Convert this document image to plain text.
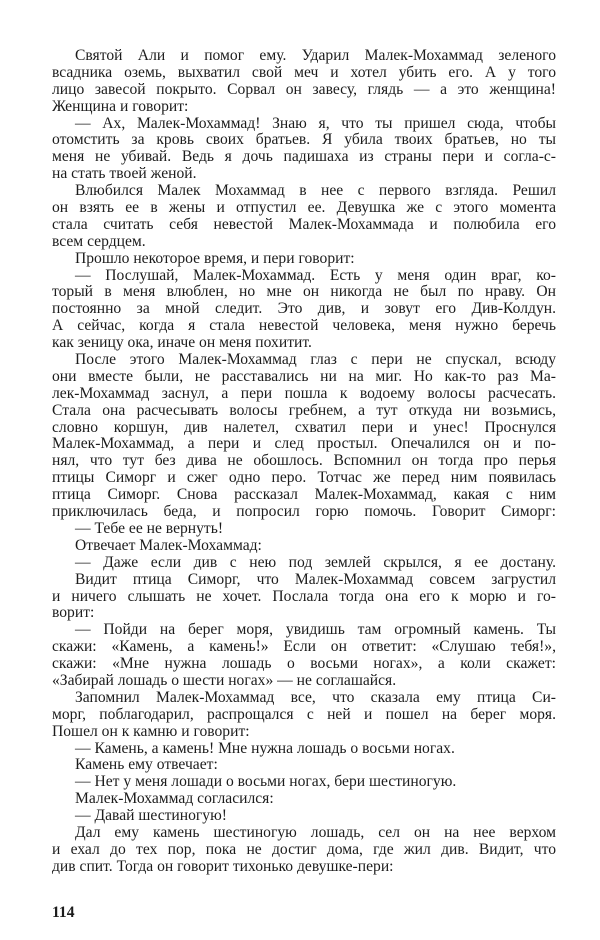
Святой Али и помог ему. Ударил Малек-Мохаммад зеленого
всадника оземь, выхватил свой меч и хотел убить его. А у того
лицо завесой покрыто. Сорвал он завесу, глядь — а это женщина!
Женщина и говорит:
— Ах, Малек-Мохаммад! Знаю я, что ты пришел сюда, чтобы
отомстить за кровь своих братьев. Я убила твоих братьев, но ты
меня не убивай. Ведь я дочь падишаха из страны пери и согла-с-
на стать твоей женой.
Влюбился Малек Мохаммад в нее с первого взгляда. Решил
он взять ее в жены и отпустил ее. Девушка же с этого момента
стала считать себя невестой Малек-Мохаммада и полюбила его
всем сердцем.
Прошло некоторое время, и пери говорит:
— Послушай, Малек-Мохаммад. Есть у меня один враг, ко-
торый в меня влюблен, но мне он никогда не был по нраву. Он
постоянно за мной следит. Это див, и зовут его Див-Колдун.
А сейчас, когда я стала невестой человека, меня нужно беречь
как зеницу ока, иначе он меня похитит.
После этого Малек-Мохаммад глаз с пери не спускал, всюду
они вместе были, не расставались ни на миг. Но как-то раз Ма-
лек-Мохаммад заснул, а пери пошла к водоему волосы расчесать.
Стала она расчесывать волосы гребнем, а тут откуда ни возьмись,
словно коршун, див налетел, схватил пери и унес! Проснулся
Малек-Мохаммад, а пери и след простыл. Опечалился он и по-
нял, что тут без дива не обошлось. Вспомнил он тогда про перья
птицы Симорг и сжег одно перо. Тотчас же перед ним появилась
птица Симорг. Снова рассказал Малек-Мохаммад, какая с ним
приключилась беда, и попросил горю помочь. Говорит Симорг:
— Тебе ее не вернуть!
Отвечает Малек-Мохаммад:
— Даже если див с нею под землей скрылся, я ее достану.
Видит птица Симорг, что Малек-Мохаммад совсем загрустил
и ничего слышать не хочет. Послала тогда она его к морю и го-
ворит:
— Пойди на берег моря, увидишь там огромный камень. Ты
скажи: «Камень, а камень!» Если он ответит: «Слушаю тебя!»,
скажи: «Мне нужна лошадь о восьми ногах», а коли скажет:
«Забирай лошадь о шести ногах» — не соглашайся.
Запомнил Малек-Мохаммад все, что сказала ему птица Си-
морг, поблагодарил, распрощался с ней и пошел на берег моря.
Пошел он к камню и говорит:
— Камень, а камень! Мне нужна лошадь о восьми ногах.
Камень ему отвечает:
— Нет у меня лошади о восьми ногах, бери шестиногую.
Малек-Мохаммад согласился:
— Давай шестиногую!
Дал ему камень шестиногую лошадь, сел он на нее верхом
и ехал до тех пор, пока не достиг дома, где жил див. Видит, что
див спит. Тогда он говорит тихонько девушке-пери:
114
